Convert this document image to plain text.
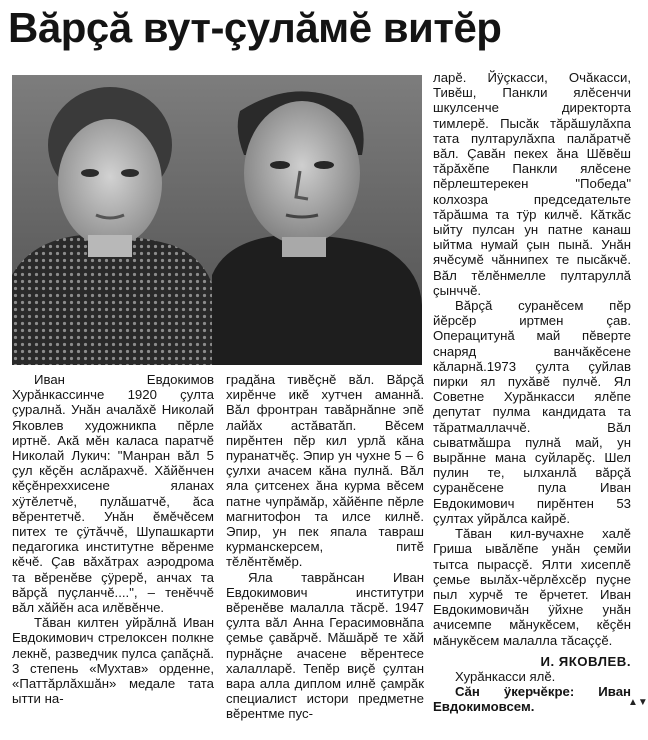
Вăрçă вут-çулăмĕ витĕр

Иван Евдокимов Хурăнкассинче 1920 çулта çуралнă. Унăн ачалăхĕ Николай Яковлев художникпа пĕрле иртнĕ. Акă мĕн каласа паратчĕ Николай Лукич: "Манран вăл 5 çул кĕçĕн аслăрахчĕ. Хăйĕнчен кĕçĕнреххисене яланах хÿтĕлетчĕ, пулăшатчĕ, ăса вĕрентетчĕ. Унăн ĕмĕчĕсем питех те çÿтăччĕ, Шупашкарти педагогика институтне вĕренме кĕчĕ. Çав вăхăтрах аэродрома та вĕренĕве çÿрерĕ, анчах та вăрçă пуçланчĕ....", – тенĕччĕ вăл хăйĕн аса илĕвĕнче.

Тăван килтен уйрăлнă Иван Евдокимович стрелоксен полкне лекнĕ, разведчик пулса çапăçнă. 3 степень «Мухтав» орденне, «Паттăрлăхшăн» медале тата ытти на-

градăна тивĕçнĕ вăл. Вăрçă хирĕнче икĕ хутчен аманнă. Вăл фронтран тавăрнănне эпĕ лайăх астăватăп. Вĕсем пирĕнтен пĕр кил урлă кăна пуранатчĕç. Эпир ун чухне 5 – 6 çулхи ачасем кăна пулнă. Вăл яла çитсенех ăна курма вĕсем патне чупрăмăр, хăйĕнпе пĕрле магнитофон та илсе килнĕ. Эпир, ун пек япала тавраш курманскерсем, питĕ тĕлĕнтĕмĕр.

Яла таврăнсан Иван Евдокимович институтри вĕренĕве малалла тăсрĕ. 1947 çулта вăл Анна Герасимовнăпа çемье çавăрчĕ. Мăшăрĕ те хăй пурнăçне ачасене вĕрентесе халалларĕ. Тепĕр виçĕ çултан вара алла диплом илнĕ çамрăк специалист истори предметне вĕрентме пус-

ларĕ. Йÿçкасси, Очăкасси, Тивĕш, Панкли ялĕсенчи шкулсенче директорта тимлерĕ. Пысăк тăрăшулăхпа тата пултарулăхпа палăратчĕ вăл. Çавăн пекех ăна Шĕвĕш тăрăхĕпе Панкли ялĕсене пĕрлештерекен "Победа" колхозра председательте тăрăшма та тÿр килчĕ. Кăткăс ыйту пулсан ун патне канаш ыйтма нумай çын пынă. Унăн ячĕсумĕ чăннипех те пысăкчĕ. Вăл тĕлĕнмелле пултаруллă çынччĕ.

Вăрçă суранĕсем пĕр йĕрсĕр иртмен çав. Операцитунă май пĕверте снаряд ванчăкĕсене кăларнă.1973 çулта çуйлав пирки ял пухăвĕ пулчĕ. Ял Советне Хурăнкасси ялĕпе депутат пулма кандидата та тăратмаллаччĕ. Вăл сыватмăшра пулнă май, ун вырăнне мана суйларĕç. Шел пулин те, ылханлă вăрçă суранĕсене пула Иван Евдокимович пирĕнтен 53 çултах уйрăлса кайрĕ.

Тăван кил-вучахне халĕ Гриша ывăлĕпе унăн çемйи тытса пырасçĕ. Ялти хисеплĕ çемье вылăх-чĕрлĕхсĕр пуçне пыл хурчĕ те ĕрчетет. Иван Евдокимовичăн ÿйхне унăн ачисемпе мăнукĕсем, кĕçĕн мăнукĕсем малалла тăсаççĕ.

И. ЯКОВЛЕВ.

Хурăнкасси ялĕ.

Сăн ÿкерчĕкре: Иван Евдокимовсем.	▲▼
